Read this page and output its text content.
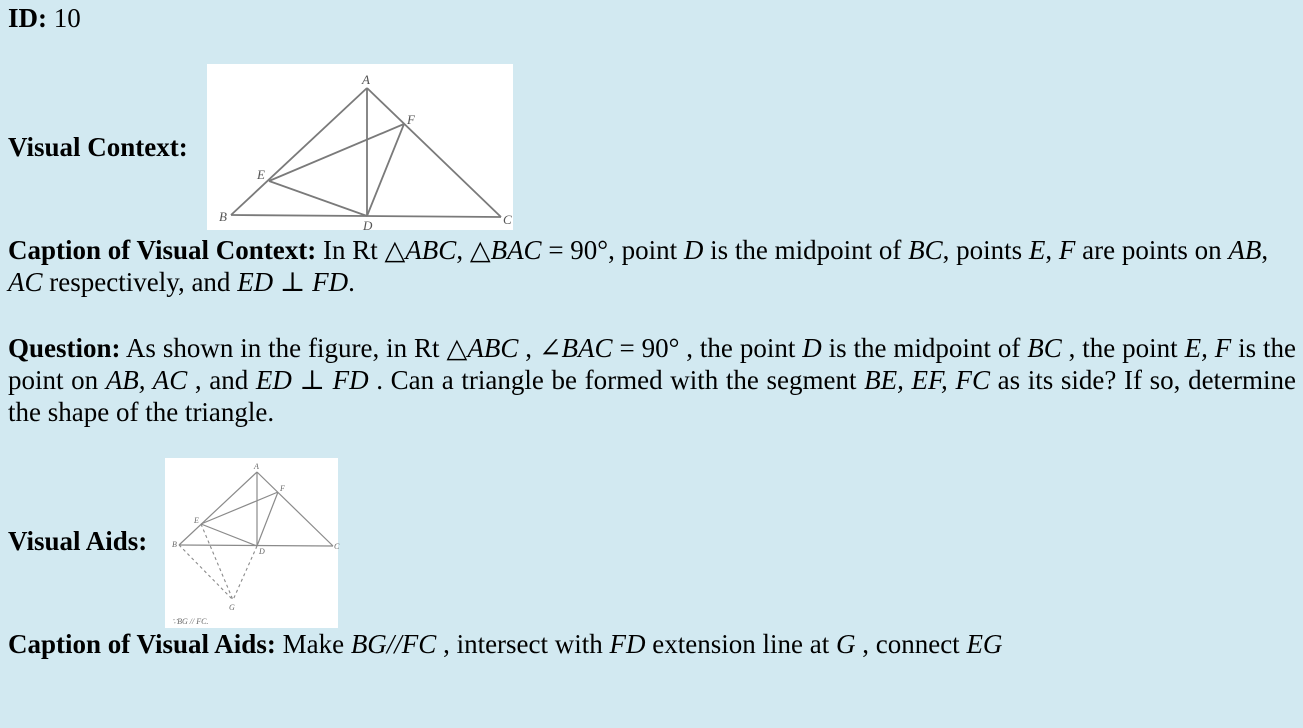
ID: 10
Visual Context:
A
B	C
D
E
F
Caption of Visual Context: In Rt △ABC, △BAC = 90°, point D is the midpoint of BC, points E, F are points on AB, AC respectively, and ED ⊥ FD.
Question: As shown in the figure, in Rt △ABC , ∠BAC = 90° , the point D is the midpoint of BC , the point E, F is the point on AB, AC , and ED ⊥ FD . Can a triangle be formed with the segment BE, EF, FC as its side? If so, determine the shape of the triangle.
Visual Aids:
A
B	C
D
E
F
G
∵BG // FC.
Caption of Visual Aids: Make BG//FC , intersect with FD extension line at G , connect EG
